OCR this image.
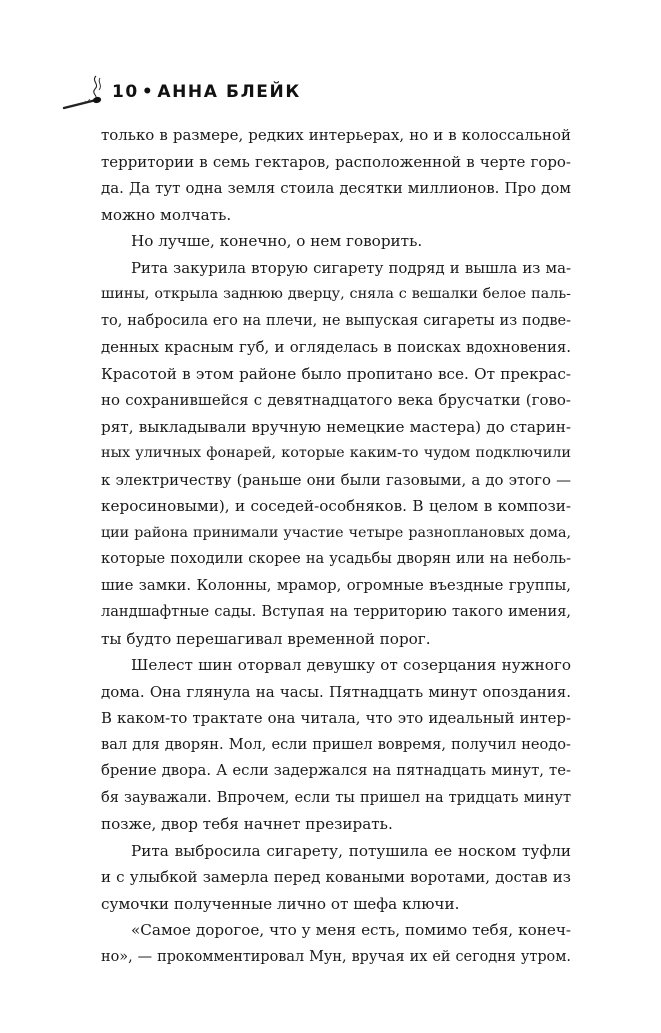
10 • АННА БЛЕЙК
только в размере, редких интерьерах, но и в колоссальной
территории в семь гектаров, расположенной в черте горо-
да. Да тут одна земля стоила десятки миллионов. Про дом
можно молчать.
Но лучше, конечно, о нем говорить.
Рита закурила вторую сигарету подряд и вышла из ма-
шины, открыла заднюю дверцу, сняла с вешалки белое паль-
то, набросила его на плечи, не выпуская сигареты из подве-
денных красным губ, и огляделась в поисках вдохновения.
Красотой в этом районе было пропитано все. От прекрас-
но сохранившейся с девятнадцатого века брусчатки (гово-
рят, выкладывали вручную немецкие мастера) до старин-
ных уличных фонарей, которые каким-то чудом подключили
к электричеству (раньше они были газовыми, а до этого —
керосиновыми), и соседей-особняков. В целом в компози-
ции района принимали участие четыре разноплановых дома,
которые походили скорее на усадьбы дворян или на неболь-
шие замки. Колонны, мрамор, огромные въездные группы,
ландшафтные сады. Вступая на территорию такого имения,
ты будто перешагивал временной порог.
Шелест шин оторвал девушку от созерцания нужного
дома. Она глянула на часы. Пятнадцать минут опоздания.
В каком-то трактате она читала, что это идеальный интер-
вал для дворян. Мол, если пришел вовремя, получил неодо-
брение двора. А если задержался на пятнадцать минут, те-
бя зауважали. Впрочем, если ты пришел на тридцать минут
позже, двор тебя начнет презирать.
Рита выбросила сигарету, потушила ее носком туфли
и с улыбкой замерла перед коваными воротами, достав из
сумочки полученные лично от шефа ключи.
«Самое дорогое, что у меня есть, помимо тебя, конеч-
но», — прокомментировал Мун, вручая их ей сегодня утром.
